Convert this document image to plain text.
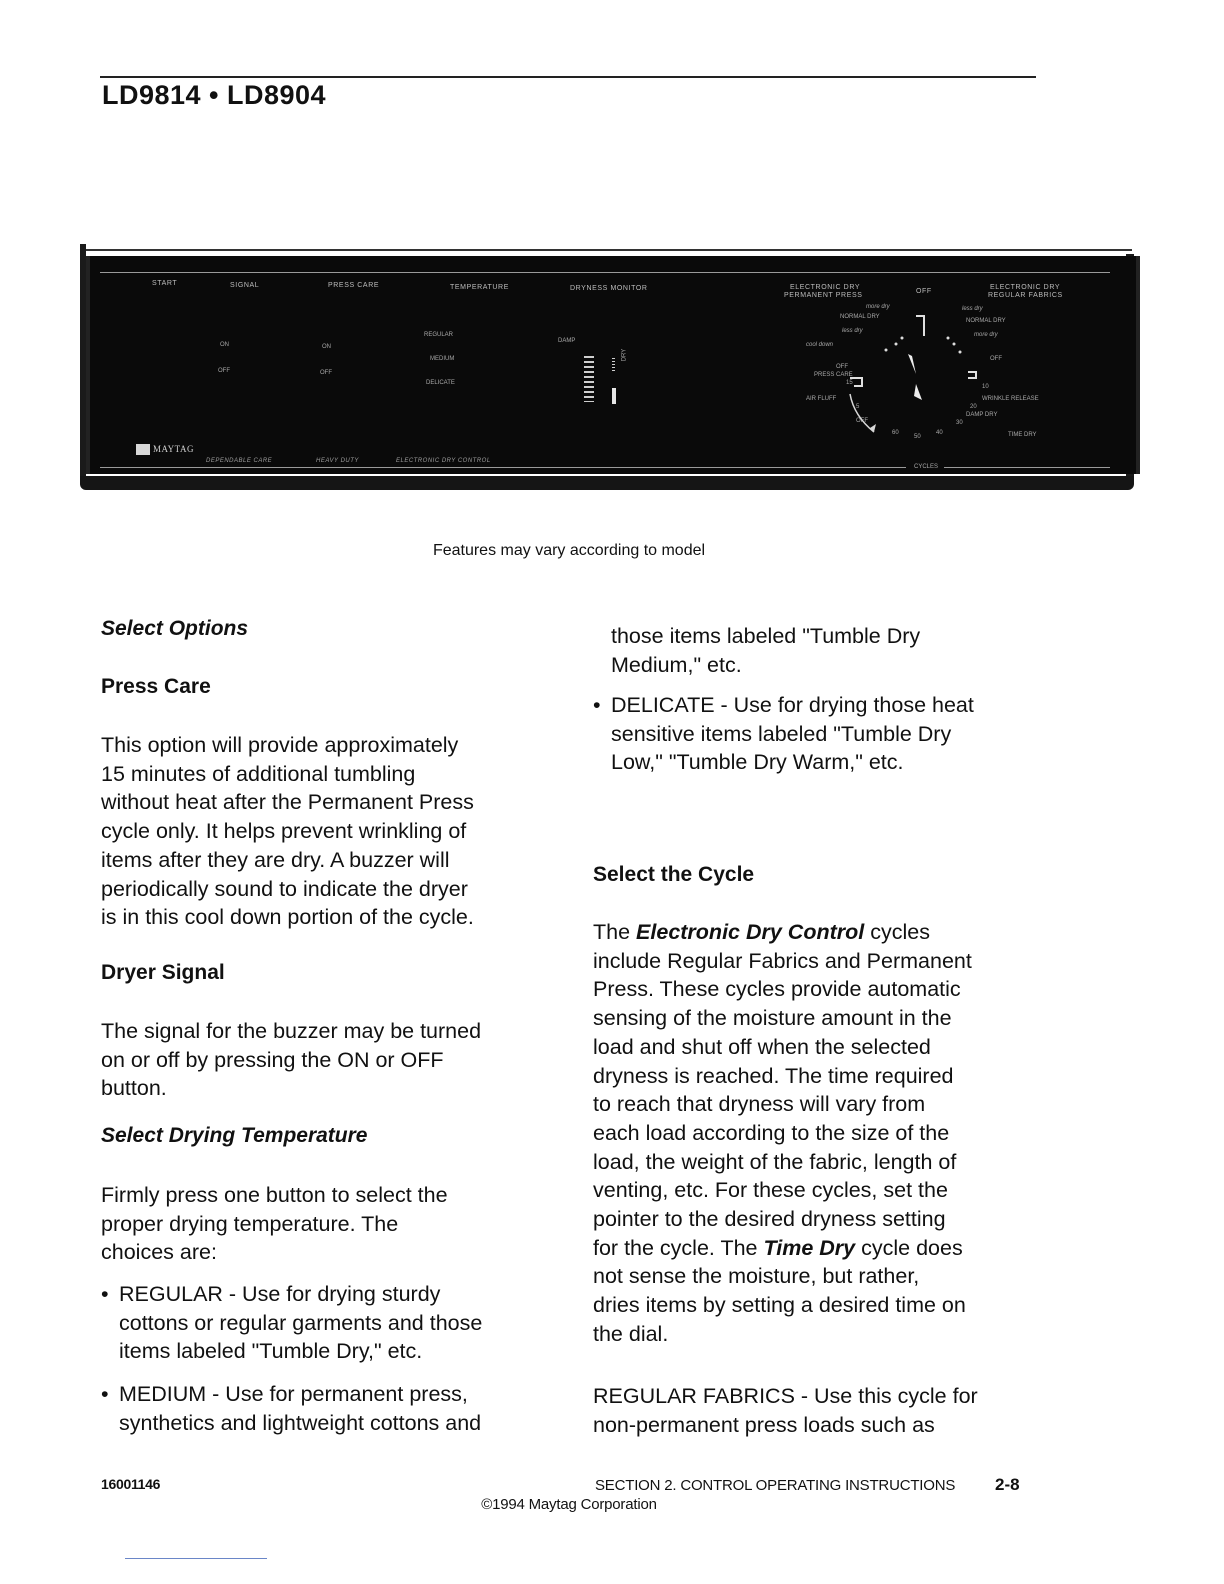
LD9814 • LD8904
START	SIGNAL	PRESS CARE	TEMPERATURE	DRYNESS MONITOR	ELECTRONIC DRY
PERMANENT PRESS
OFF
ELECTRONIC DRY
REGULAR FABRICS
ON
OFF
ON
OFF
REGULAR
MEDIUM
DELICATE
DAMP
DRY
more dry
NORMAL DRY
less dry
cool down
OFF
PRESS CARE
15
AIR FLUFF
5
OFF
less dry
NORMAL DRY
more dry
OFF
10
WRINKLE RELEASE
20
DAMP DRY
30
40
50
60	TIME DRY
CYCLES
MAYTAG
DEPENDABLE CARE	HEAVY DUTY	ELECTRONIC DRY CONTROL
Features may vary according to model
Select Options
Press Care
This option will provide approximately
15 minutes of additional tumbling
without heat after the Permanent Press
cycle only. It helps prevent wrinkling of
items after they are dry. A buzzer will
periodically sound to indicate the dryer
is in this cool down portion of the cycle.
Dryer Signal
The signal for the buzzer may be turned
on or off by pressing the ON or OFF
button.
Select Drying Temperature
Firmly press one button to select the
proper drying temperature. The
choices are:
• REGULAR - Use for drying sturdy
cottons or regular garments and those
items labeled "Tumble Dry," etc.
• MEDIUM - Use for permanent press,
synthetics and lightweight cottons and
those items labeled "Tumble Dry
Medium," etc.
• DELICATE - Use for drying those heat
sensitive items labeled "Tumble Dry
Low," "Tumble Dry Warm," etc.
Select the Cycle
The Electronic Dry Control cycles
include Regular Fabrics and Permanent
Press. These cycles provide automatic
sensing of the moisture amount in the
load and shut off when the selected
dryness is reached. The time required
to reach that dryness will vary from
each load according to the size of the
load, the weight of the fabric, length of
venting, etc. For these cycles, set the
pointer to the desired dryness setting
for the cycle. The Time Dry cycle does
not sense the moisture, but rather,
dries items by setting a desired time on
the dial.
REGULAR FABRICS - Use this cycle for
non-permanent press loads such as
16001146	SECTION 2. CONTROL OPERATING INSTRUCTIONS 2-8
©1994 Maytag Corporation
